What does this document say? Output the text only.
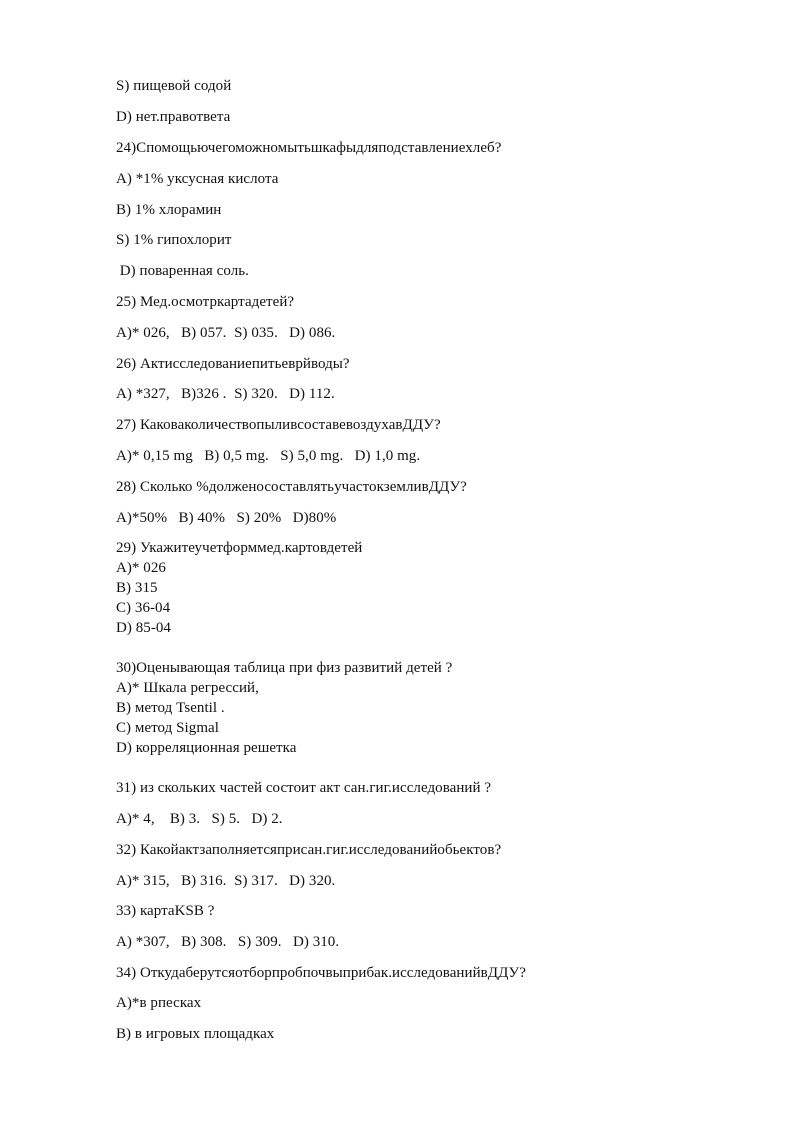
S) пищевой содой
D) нет.правответа
24)Спомощьючегоможномытьшкафыдляподставлениехлеб?
A) *1% уксусная кислота
B) 1% хлорамин
S) 1% гипохлорит
D) поваренная соль.
25) Мед.осмотркартадетей?
A)* 026,   B) 057.  S) 035.   D) 086.
26) Актисследованиепитьеврйводы?
A) *327,   B)326 .  S) 320.   D) 112.
27) КаковаколичествопыливсоставевоздухавДДУ?
A)* 0,15 mg   B) 0,5 mg.   S) 5,0 mg.   D) 1,0 mg.
28) Сколько %долженосоставлятьучастокземливДДУ?
A)*50%   B) 40%   S) 20%   D)80%
29) Укажитеучетформмед.картовдетей
A)* 026
B) 315
C) 36-04
D) 85-04
30)Оценывающая таблица при физ развитий детей ?
A)* Шкала регрессий,
B) метод Tsentil .
C) метод Sigmal
D) корреляционная решетка
31) из скольких частей состоит акт сан.гиг.исследований ?
A)* 4,    B) 3.   S) 5.   D) 2.
32) Какойактзаполняетсяприсан.гиг.исследованийобьектов?
A)* 315,   B) 316.  S) 317.   D) 320.
33) картаKSB ?
A) *307,   B) 308.   S) 309.   D) 310.
34) Откудаберутсяотборпробпочвыприбак.исследованийвДДУ?
A)*в рпесках
B) в игровых площадках
